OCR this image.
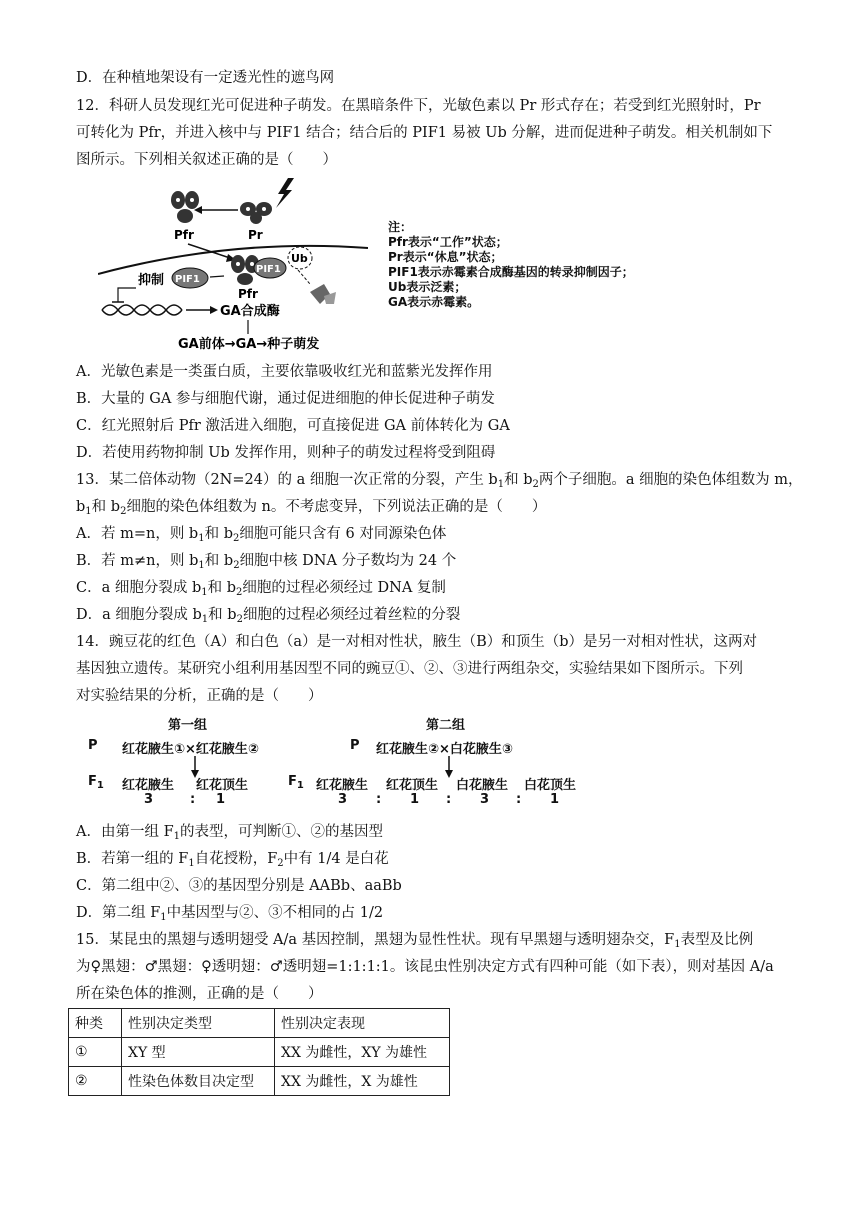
D．在种植地架设有一定透光性的遮鸟网
12．科研人员发现红光可促进种子萌发。在黑暗条件下，光敏色素以 Pr 形式存在；若受到红光照射时，Pr
可转化为 Pfr，并进入核中与 PIF1 结合；结合后的 PIF1 易被 Ub 分解，进而促进种子萌发。相关机制如下
图所示。下列相关叙述正确的是（　　）
Pfr	Pr
Pfr
PIF1
Ub
抑制 PIF1
GA合成酶
GA前体→GA→种子萌发
注：
Pfr表示“工作”状态；
Pr表示“休息”状态；
PIF1表示赤霉素合成酶基因的转录抑制因子；
Ub表示泛素；
GA表示赤霉素。
A．光敏色素是一类蛋白质，主要依靠吸收红光和蓝紫光发挥作用
B．大量的 GA 参与细胞代谢，通过促进细胞的伸长促进种子萌发
C．红光照射后 Pfr 激活进入细胞，可直接促进 GA 前体转化为 GA
D．若使用药物抑制 Ub 发挥作用，则种子的萌发过程将受到阻碍
13．某二倍体动物（2N=24）的 a 细胞一次正常的分裂，产生 $b_1$和 $b_2$两个子细胞。a 细胞的染色体组数为 m，
$b_1$和 $b_2$细胞的染色体组数为 n。不考虑变异，下列说法正确的是（　　）
A．若 m=n，则 $b_1$和 $b_2$细胞可能只含有 6 对同源染色体
B．若 m≠n，则 $b_1$和 $b_2$细胞中核 DNA 分子数均为 24 个
C．a 细胞分裂成 $b_1$和 $b_2$细胞的过程必须经过 DNA 复制
D．a 细胞分裂成 $b_1$和 $b_2$细胞的过程必须经过着丝粒的分裂
14．豌豆花的红色（A）和白色（a）是一对相对性状，腋生（B）和顶生（b）是另一对相对性状，这两对
基因独立遗传。某研究小组利用基因型不同的豌豆①、②、③进行两组杂交，实验结果如下图所示。下列
对实验结果的分析，正确的是（　　）
第一组	第二组
P 红花腋生①×红花腋生②	P 红花腋生②×白花腋生③
$F_1$ 红花腋生 红花顶生
3	: 1
$F_1$ 红花腋生 红花顶生 白花腋生 白花顶生
3 : 1 : 3 : 1
A．由第一组 $F_1$的表型，可判断①、②的基因型
B．若第一组的 $F_1$自花授粉，$F_2$中有 1/4 是白花
C．第二组中②、③的基因型分别是 AABb、aaBb
D．第二组 $F_1$中基因型与②、③不相同的占 1/2
15．某昆虫的黑翅与透明翅受 A/a 基因控制，黑翅为显性性状。现有早黑翅与透明翅杂交，$F_1$表型及比例
为♀黑翅：♂黑翅：♀透明翅：♂透明翅=1:1:1:1。该昆虫性别决定方式有四种可能（如下表），则对基因 A/a
所在染色体的推测，正确的是（　　）
种类	性别决定类型	性别决定表现
①	XY 型	XX 为雌性，XY 为雄性
②	性染色体数目决定型	XX 为雌性，X 为雄性
